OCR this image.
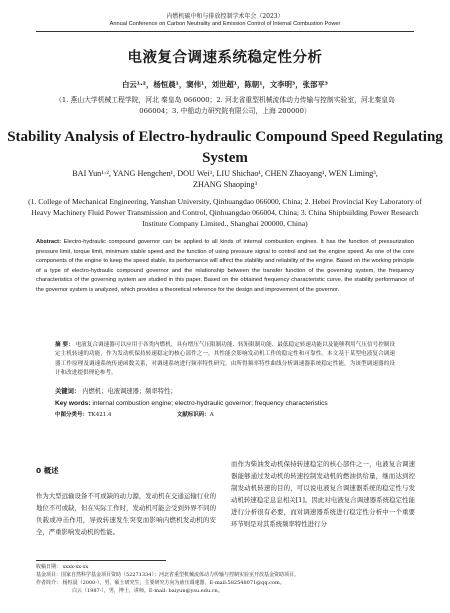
内燃机碳中和与排放控制学术年会（2023）
Annual Conference on Carbon Neutrality and Emission Control of Internal Combustion Power
电液复合调速系统稳定性分析
白云¹·²，杨恒晨¹，窦伟¹，刘世超¹，陈朝¹，文李明³，张部平³
（1. 燕山大学机械工程学院，河北 秦皇岛 066000；2. 河北省重型机械流体动力传输与控制实验室，河北秦皇岛 066004；3. 中船动力研究院有限公司，上海 200000）
Stability Analysis of Electro-hydraulic Compound Speed Regulating System
BAI Yun¹·², YANG Hengchen¹, DOU Wei¹, LIU Shichao¹, CHEN Zhaoyang¹, WEN Liming³, ZHANG Shaoping³
(1. College of Mechanical Engineering, Yanshan University, Qinhuangdao 066000, China; 2. Hebei Provincial Key Laboratory of Heavy Machinery Fluid Power Transmission and Control, Qinhuangdao 066004, China; 3. China Shipbuilding Power Research Institute Company Limited., Shanghai 200000, China)
Abstract: Electro-hydraulic compound governor can be applied to all kinds of internal combustion engines. It has the function of pressurization pressure limit, torque limit, minimum stable speed and the function of using pressure signal to control and set the engine speed. As one of the core components of the engine to keep the speed stable, its performance will affect the stability and reliability of the engine. Based on the working principle of a type of electro-hydraulic compound governor and the relationship between the transfer function of the governing system, the frequency characteristics of the governing system are studied in this paper. Based on the obtained frequency characteristic curve, the stability performance of the governor system is analyzed, which provides a theoretical reference for the design and improvement of the governor.
摘 要： 电液复合调速器可以应用于各类内燃机，具有增压气压限制功能、转矩限制功能、最低稳定转速功能以及能够利用气压信号控制设定主机转速的功能，作为发动机保持转速稳定的核心部件之一，其性能会影响发动机工作的稳定性和可靠性。本文基于某型电液复合调速器工作原理及调速系统传递函数关系，对调速系统进行频率特性研究。由所得频率特性曲线分析调速器系统稳定性能，为该型调速器的设计和改进提供理论参考。
关键词： 内燃机；电液调速器；频率特性；
Key words: internal combustion engine; electro-hydraulic governor; frequency characteristics
中图分类号：TK421.4	文献标识码：A
0 概述
作为大型远输设备不可或缺的动力源，发动机在交通运输行业的地位不可或缺，但在实际工作时，发动机可能会受到外界不同的负载或冲击作用，导致转速发生突变而影响内燃机发动机的安全，严重影响发动机的性能。
而作为柴油发动机保持转速稳定的核心部件之一，电液复合调速器能够通过发动机的转速控制发动机的燃油供给量，继而达到控制发动机转速的目的，可以说电液复合调速器系统的稳定性与发动机转速稳定息息相关[1]。因此对电液复合调速器系统稳定性能进行分析很有必要，而对调速器系统进行稳定性分析中一个重要环节则是对其系统频率特性进行分
收稿日期： xxxx-xx-xx
基金项目：国家自然科学基金项目资助（52271334）；河北省重型机械流体动力传输与控制实验室开放基金资助项目。
作者简介： 杨恒晨（2000-），男，硕士研究生，主要研究方向为液压调速器，E-mail:582548071@qq.com。
白云（1987-），男，博士，讲师。E-mail: baiyun@ysu.edu.cn。
